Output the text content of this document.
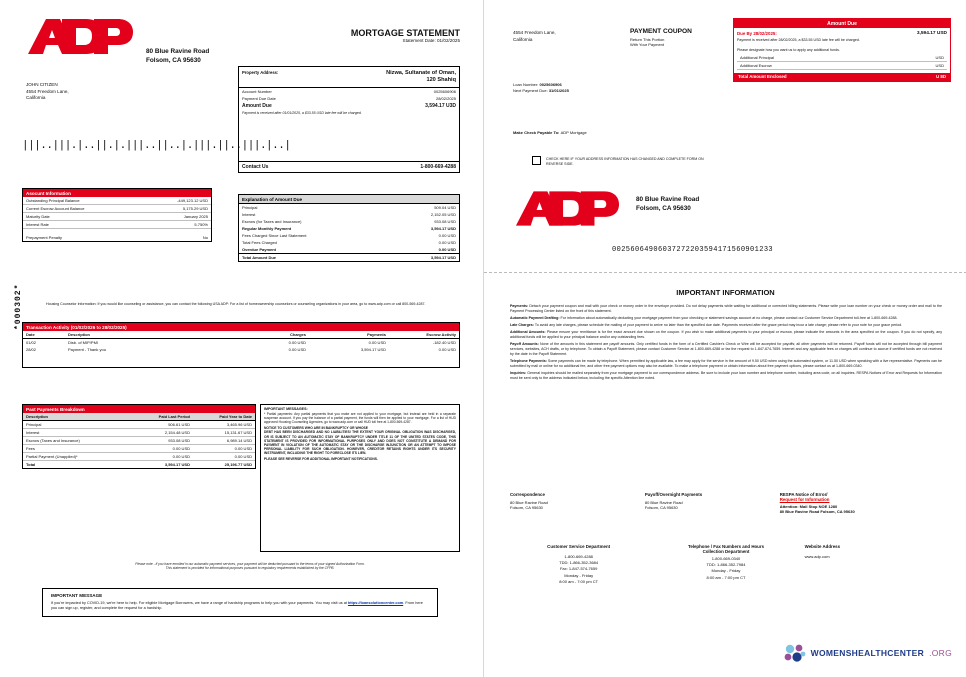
80 Blue Ravine Road
Folsom, CA 95630
MORTGAGE STATEMENT
Statement Date: 01/02/2025
JOHN CITIZEN
4554 Freedom Lane,
California
|||..|||.|..||.|.|||..||..|.|||.||..|||.|..|
*000302*
Property Address:	Nizwa, Sultanate of Oman,
120 Shahiq
Account Number	0025606906
Payment Due Date	28/02/2025
Amount Due	3,594.17 U3D
Payment is received after 01/01/2025, a $33.55 USD late fee will be charged.
Contact Us	1-800-669-4288
Asocunt Information
Outstanding Principal Balance	-449,123.12 USD
Current Escrow Account Balance	5,175.29 USD
Maturity Date	January 2025
Interest Rate	5.750%
Prepayment Penalty	No
Explanation of Amount Due
Principal	509.04 USD
Interest	2,152.05 USD
Escrow (for Taxes and Insurance)	933.08 USD
Regular Monthly Payment	3,594.17 USD
Fees Charged Since Last Statement	0.00 USD
Total Fees Charged	0.00 USD
Overdue Payment	0.00 USD
Total Amount Due	3,594.17 USD
Housing Counselor Information: If you would like counseling or assistance, you can contact the following USA ADP: For a list of homeownership counselors or counseling organizations in your area, go to www.adp.com or call 800-569-4287.
Transaction Activity (01/02/2026 to 28/02/2025)
Date	Description	Charges	Payments	Escrow Activity
01/02	Disb. of MIP/PMI	0.00 USD	0.00 USD	-182.40 USD
28/02	Payment - Thank you	0.00 USD	3,594.17 USD	0.00 USD
Past Payments Breakdown
Description	Paid Last Period	Paid Year to Date
Principal	506.61 USD	3,465.96 USD
Interest	2,154.48 USD	15,131.67 USD
Escrow (Taxes and Insurance)	933.08 USD	6,989.14 USD
Fees	0.00 USD	0.00 USD
Partial Payment (Unapplied)*	0.00 USD	0.00 USD
Total	3,594.17 USD	25,196.77 USD
IMPORTANT MESSAGES:
* Partial payments: Any partial payments that you make are not applied to your mortgage, but instead are held in a separate suspense account. If you pay the balance of a partial payment, the funds will then be applied to your mortgage. For a list of HUD approved Housing Counseling Agencies, go to www.adp.com or call HUD toll free at 1-800-569-4287.
NOTICE TO CUSTOMERS WHO ARE IN BANKRUPTCY OR WHOSE
DEBT HAS BEEN DISCHARGED AND NO LIABILITIES! THE EXTENT YOUR ORIGINAL OBLIGATION WAS DISCHARGED, OR IS SUBJECT TO AN AUTOMATIC STAY OF BANKRUPTCY UNDER TITLE 11 OF THE UNITED STATES CODE, THIS STATEMENT IS PROVIDED FOR INFORMATIONAL PURPOSES ONLY AND DOES NOT CONSTITUTE A DEMAND FOR PAYMENT IN VIOLATION OF THE AUTOMATIC STAY OR THE DISCHARGE INJUNCTION OR AN ATTEMPT TO IMPOSE PERSONAL LIABILITY FOR SUCH OBLIGATION. HOWEVER, CREDITOR RETAINS RIGHTS UNDER ITS SECURITY INSTRUMENT, INCLUDING THE RIGHT TO FORECLOSE ITS LIEN.
PLEASE SEE REVERSE FOR ADDITIONAL IMPORTANT NOTIFICATIONS.
Please note - if you have enrolled in our automatic payment services, your payment will be deducted pursuant to the terms of your signed Authorization Form.
This statement is provided for informational purposes pursuant to regulatory requirements established by the CFPB.
IMPORTANT MESSAGE
If you're impacted by COVID-19, we're here to help. For eligible Mortgage Borrowers, we have a range of hardship programs to help you with your payments. You may visit us at https://loansolutioncenter.com. From here you can sign up, register, and complete the request for a hardship.
4554 Freedom Lane,
California
PAYMENT COUPON
Return This Portion
With Your Payment
Loan Number: 0025606906
Next Payment Due: 31/01/2025
Amount Due
Due By 28/02/2025:	3,594.17 USD
Payment is received after 28/02/2025, a $33.55 USD late fee will be charged.
Please designate how you want us to apply any additional funds.
Additional Principal	USD
Additional Escrow	USD
Total Amount Enclosed	U 8D
Make Check Payable To: ADP Mortgage
CHECK HERE IF YOUR ADDRESS INFORMATION HAS CHANGED AND COMPLETE FORM ON REVERSE SIDE.
80 Blue Ravine Road
Folsom, CA 95630
00256064906037272203594171560901233
IMPORTANT INFORMATION
Payments: Detach your payment coupon and mail with your check or money order in the envelope provided. Do not delay payments while waiting for additional or corrected billing statements. Please write your loan number on your check or money order and mail to the Payment Processing Center listed on the front of this statement.
Automatic Payment Drafting: For information about automatically deducting your mortgage payment from your checking or statement savings account at no charge, please contact our Customer Service Department toll-free at 1-800-669-4288.
Late Charges: To avoid any late charges, please schedule the mailing of your payment to arrive no later than the specified due date. Payments received after the grace period may incur a late charge; please refer to your note for your grace period.
Additional Amounts: Please ensure your remittance is for the exact amount due shown on the coupon. If you wish to make additional payments to your principal or escrow, please indicate the amounts in the area specified on the coupon. If you do not specify, any additional funds will be applied to your principal balance and/or any outstanding fees.
Payoff Amounts: None of the amounts in this statement are payoff amounts. Only certified funds in the form of a Certified Cashier's Check or Wire will be accepted for payoffs; all other payments will be returned. Payoff funds will not be accepted through bill payment services, websites, ACH drafts, or by telephone. To obtain a Payoff Statement, please contact Customer Service at 1-800-669-4288 or fax the request to 1-847-674-7659. Internet and any applicable fees or charges will continue to accrue if certified funds are not received by the date in the Payoff Statement.
Telephone Payments: Some payments can be made by telephone. When permitted by applicable law, a fee may apply for the service in the amount of 9.50 USD when using the automated system, or 11.50 USD when speaking with a live representative. Payments can be submitted by mail or online for no additional fee, and other free payment options may also be available. To make a telephone payment or obtain information about free payment options, please contact us at 1-800-669-0340.
Inquiries: General inquiries should be mailed separately from your mortgage payment to our correspondence address. Be sure to include your loan number and telephone number, including area code, on all inquiries. RESPA Notices of Error and Requests for Information must be sent only to the address indicated below, including the specific Attention line noted.
Correspondence
80 Blue Ravine Road
Folsom, CA 95630
Payoff/Overnight Payments
80 Blue Ravine Road
Folsom, CA 95630
RESPA Notice of Error/
Request for Information
Attention: Mail Stop NOE 1280
80 Blue Ravine Road Folsom, CA 95630
Customer Service Department
1-800-669-4288
TDD: 1-866-352-3684
Fax: 1-847-574-7659
Monday - Friday
8:00 am - 7:00 pm CT
Telephone / Fax Numbers and Hours
Collection Department
1-800-669-0340
TDD: 1-866-352-7984
Monday - Friday
8:00 am - 7:00 pm CT
Website Address
www.adp.com
WOMENSHEALTHCENTER .ORG
